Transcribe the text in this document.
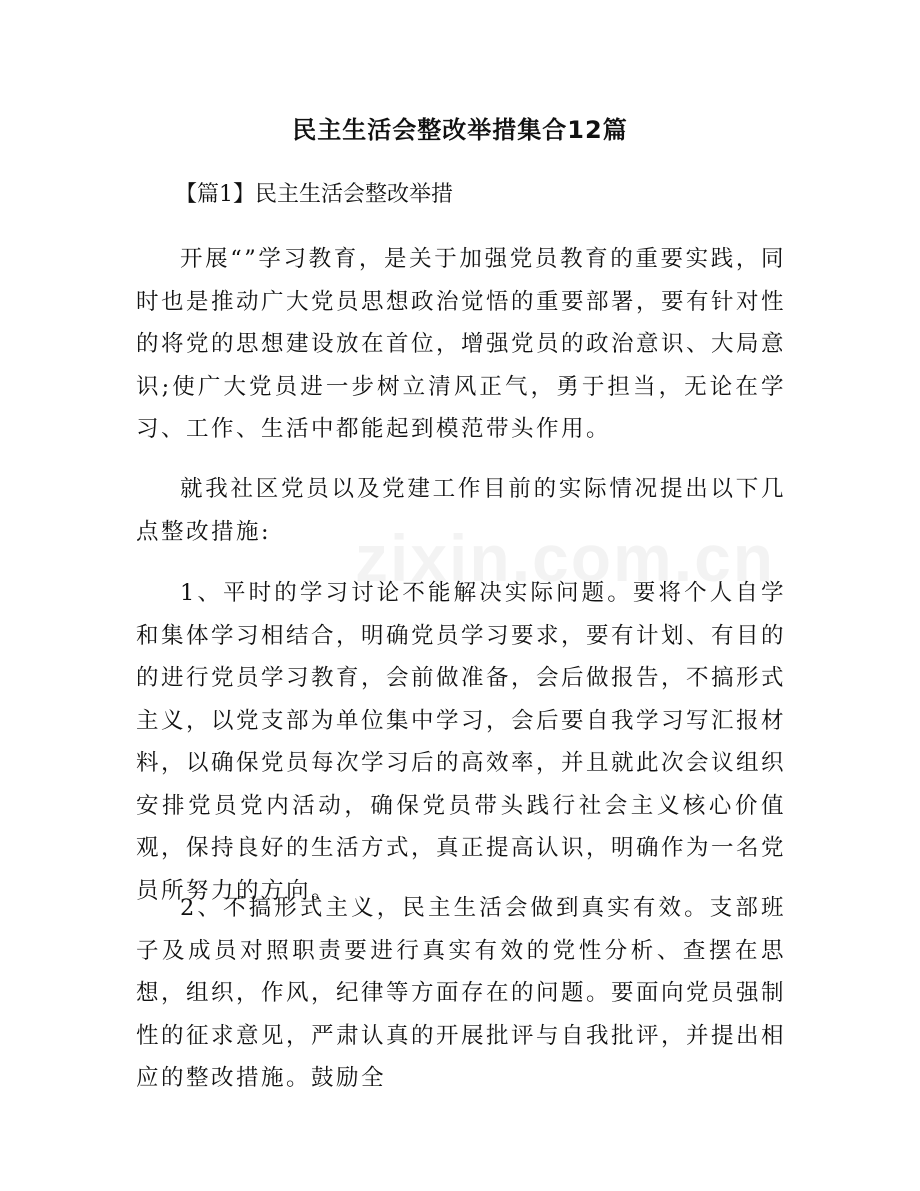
民主生活会整改举措集合12篇
【篇1】民主生活会整改举措

开展“”学习教育，是关于加强党员教育的重要实践，同时也是推动广大党员思想政治觉悟的重要部署，要有针对性的将党的思想建设放在首位，增强党员的政治意识、大局意识;使广大党员进一步树立清风正气，勇于担当，无论在学习、工作、生活中都能起到模范带头作用。

就我社区党员以及党建工作目前的实际情况提出以下几点整改措施:

1、平时的学习讨论不能解决实际问题。要将个人自学和集体学习相结合，明确党员学习要求，要有计划、有目的的进行党员学习教育，会前做准备，会后做报告，不搞形式主义，以党支部为单位集中学习，会后要自我学习写汇报材料，以确保党员每次学习后的高效率，并且就此次会议组织安排党员党内活动，确保党员带头践行社会主义核心价值观，保持良好的生活方式，真正提高认识，明确作为一名党员所努力的方向。

2、不搞形式主义，民主生活会做到真实有效。支部班子及成员对照职责要进行真实有效的党性分析、查摆在思想，组织，作风，纪律等方面存在的问题。要面向党员强制性的征求意见，严肃认真的开展批评与自我批评，并提出相应的整改措施。鼓励全
